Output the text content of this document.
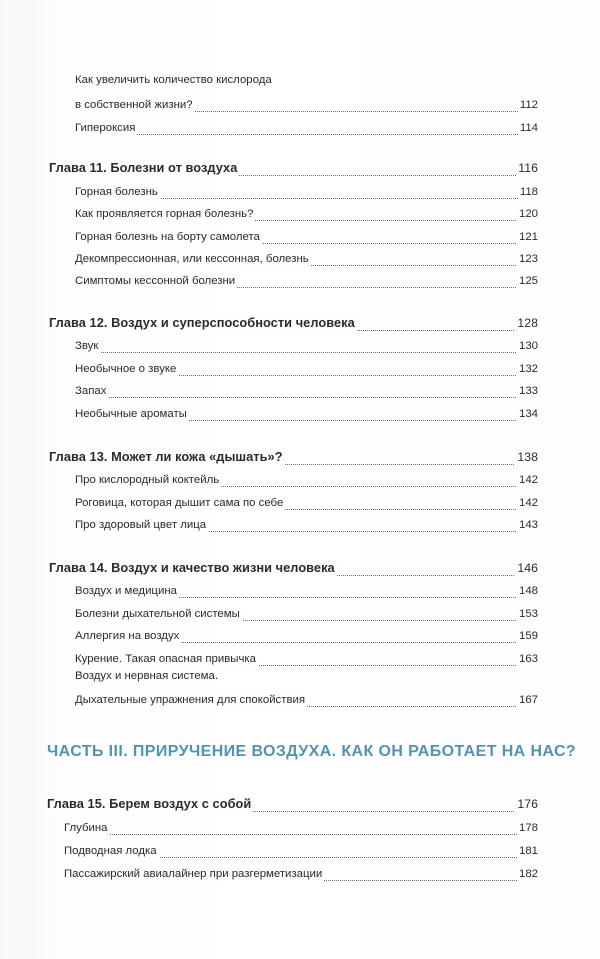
Как увеличить количество кислорода
в собственной жизни?	112
Гипероксия	114
Глава 11. Болезни от воздуха	116
Горная болезнь	118
Как проявляется горная болезнь?	120
Горная болезнь на борту самолета	121
Декомпрессионная, или кессонная, болезнь	123
Симптомы кессонной болезни	125
Глава 12. Воздух и суперспособности человека	128
Звук	130
Необычное о звуке	132
Запах	133
Необычные ароматы	134
Глава 13. Может ли кожа «дышать»?	138
Про кислородный коктейль	142
Роговица, которая дышит сама по себе	142
Про здоровый цвет лица	143
Глава 14. Воздух и качество жизни человека	146
Воздух и медицина	148
Болезни дыхательной системы	153
Аллергия на воздух	159
Курение. Такая опасная привычка	163
Воздух и нервная система.
Дыхательные упражнения для спокойствия	167
ЧАСТЬ III. ПРИРУЧЕНИЕ ВОЗДУХА. КАК ОН РАБОТАЕТ НА НАС?
Глава 15. Берем воздух с собой	176
Глубина	178
Подводная лодка	181
Пассажирский авиалайнер при разгерметизации	182
